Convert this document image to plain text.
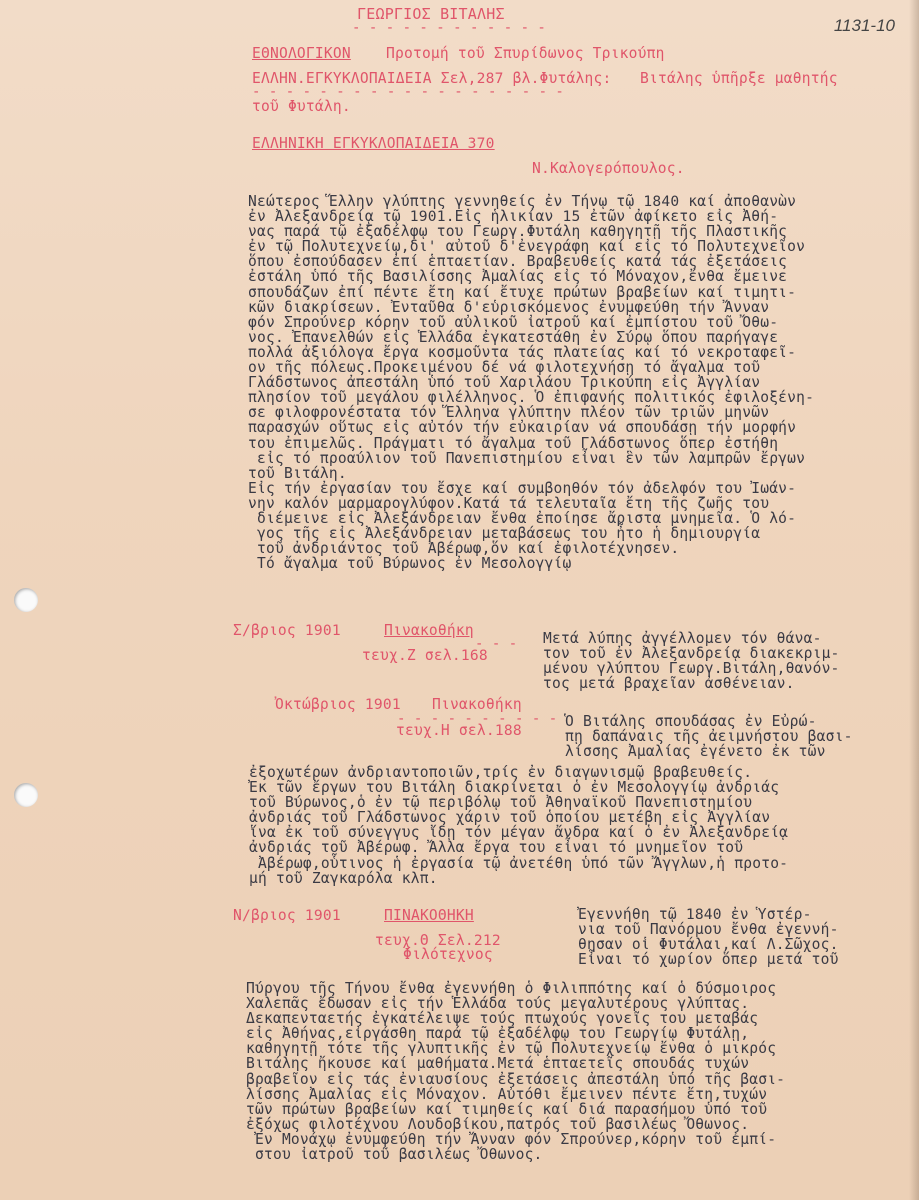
1131-10
ΓΕΩΡΓΙΟΣ ΒΙΤΑΛΗΣ
- - - - - - - - - - - -
ΕΘΝΟΛΟΓΙΚΟΝ Προτομή τοῦ Σπυρίδωνος Τρικούπη
ΕΛΛΗΝ.ΕΓΚΥΚΛΟΠΑΙΔΕΙΑ Σελ,287 βλ.Φυτάλης: Βιτάλης ὑπῆρξε μαθητής
- - - - - - - - - - - - - - - - - - -
τοῦ Φυτάλη.
ΕΛΛΗΝΙΚΗ ΕΓΚΥΚΛΟΠΑΙΔΕΙΑ 370
Ν.Καλογερόπουλος.
Νεώτερος Ἕλλην γλύπτης γεννηθείς ἐν Τήνῳ τῷ 1840 καί ἀποθανὼν
ἐν Ἀλεξανδρείᾳ τῷ 1901.Εἰς ἡλικίαν 15 ἐτῶν ἀφίκετο εἰς Ἀθή-
νας παρά τῷ ἐξαδέλφῳ του Γεωργ.Φυτάλη καθηγητῇ τῆς Πλαστικῆς
ἐν τῷ Πολυτεχνείῳ,δι' αὐτοῦ δ'ἐνεγράφη καί εἰς τό Πολυτεχνεῖον
ὅπου ἐσπούδασεν ἐπί ἑπταετίαν. Βραβευθείς κατά τάς ἐξετάσεις
ἐστάλη ὑπό τῆς Βασιλίσσης Ἀμαλίας εἰς τό Μόναχον,ἔνθα ἔμεινε
σπουδάζων ἐπί πέντε ἔτη καί ἔτυχε πρώτων βραβείων καί τιμητι-
κῶν διακρίσεων. Ἐνταῦθα δ'εὑρισκόμενος ἐνυμφεύθη τήν Ἄνναν
φόν Σπρούνερ κόρην τοῦ αὐλικοῦ ἰατροῦ καί ἐμπίστου τοῦ Ὄθω-
νος. Ἐπανελθών εἰς Ἑλλάδα ἐγκατεστάθη ἐν Σύρῳ ὅπου παρήγαγε
πολλά ἀξιόλογα ἔργα κοσμοῦντα τάς πλατείας καί τό νεκροταφεῖ-
ον τῆς πόλεως.Προκειμένου δέ νά φιλοτεχνήσῃ τό ἄγαλμα τοῦ
Γλάδστωνος ἀπεστάλη ὑπό τοῦ Χαριλάου Τρικούπη εἰς Ἀγγλίαν
πλησίον τοῦ μεγάλου φιλέλληνος. Ὁ ἐπιφανής πολιτικός ἐφιλοξένη-
σε φιλοφρονέστατα τόν Ἕλληνα γλύπτην πλέον τῶν τριῶν μηνῶν
παρασχών οὕτως εἰς αὐτόν τήν εὐκαιρίαν νά σπουδάσῃ τήν μορφήν
του ἐπιμελῶς. Πράγματι τό ἄγαλμα τοῦ Γλάδστωνος ὅπερ ἐστήθη
εἰς τό προαύλιον τοῦ Πανεπιστημίου εἶναι ἓν τῶν λαμπρῶν ἔργων
τοῦ Βιτάλη.
Εἰς τήν ἐργασίαν του ἔσχε καί συμβοηθόν τόν ἀδελφόν του Ἰωάν-
νην καλόν μαρμαρογλύφον.Κατά τά τελευταῖα ἔτη τῆς ζωῆς του
διέμεινε εἰς Ἀλεξάνδρειαν ἔνθα ἐποίησε ἄριστα μνημεῖα. Ὁ λό-
γος τῆς εἰς Ἀλεξάνδρειαν μεταβάσεως του ἦτο ἡ δημιουργία
τοῦ ἀνδριάντος τοῦ Ἀβέρωφ,ὅν καί ἐφιλοτέχνησεν.
Τό ἄγαλμα τοῦ Βύρωνος ἐν Μεσολογγίῳ
Σ/βριος 1901	Πινακοθήκη
- - -
τευχ.Ζ σελ.168
Μετά λύπης ἀγγέλλομεν τόν θάνα-
τον τοῦ ἐν Ἀλεξανδρείᾳ διακεκριμ-
μένου γλύπτου Γεωργ.Βιτάλη,θανόν-
τος μετά βραχεῖαν ἀσθένειαν.
Ὀκτώβριος 1901 Πινακοθήκη
- - - - - - - - - -
τευχ.Η σελ.188
Ὁ Βιτάλης σπουδάσας ἐν Εὐρώ-
πῃ δαπάναις τῆς ἀειμνήστου βασι-
λίσσης Ἀμαλίας ἐγένετο ἐκ τῶν
ἐξοχωτέρων ἀνδριαντοποιῶν,τρίς ἐν διαγωνισμῷ βραβευθείς.
Ἐκ τῶν ἔργων του Βιτάλη διακρίνεται ὁ ἐν Μεσολογγίῳ ἀνδριάς
τοῦ Βύρωνος,ὁ ἐν τῷ περιβόλῳ τοῦ Ἀθηναϊκοῦ Πανεπιστημίου
ἀνδριάς τοῦ Γλάδστωνος χάριν τοῦ ὁποίου μετέβη εἰς Ἀγγλίαν
ἵνα ἐκ τοῦ σύνεγγυς ἴδῃ τόν μέγαν ἄνδρα καί ὁ ἐν Ἀλεξανδρείᾳ
ἀνδριάς τοῦ Ἀβέρωφ. Ἄλλα ἔργα του εἶναι τό μνημεῖον τοῦ
Ἀβέρωφ,οὗτινος ἡ ἐργασία τῷ ἀνετέθη ὑπό τῶν Ἄγγλων,ἡ προτο-
μή τοῦ Ζαγκαρόλα κλπ.
Ν/βριος 1901	ΠΙΝΑΚΟΘΗΚΗ
τευχ.Θ Σελ.212
Φιλότεχνος
Ἐγεννήθη τῷ 1840 ἐν Ὑστέρ-
νια τοῦ Πανόρμου ἔνθα ἐγεννή-
θησαν οἱ Φυτάλαι,καί Λ.Σῶχος.
Εἶναι τό χωρίον ὅπερ μετά τοῦ
Πύργου τῆς Τήνου ἔνθα ἐγεννήθη ὁ Φιλιππότης καί ὁ δύσμοιρος
Χαλεπᾶς ἔδωσαν εἰς τήν Ἑλλάδα τούς μεγαλυτέρους γλύπτας.
Δεκαπενταετής ἐγκατέλειψε τούς πτωχούς γονεῖς του μεταβάς
εἰς Ἀθήνας,εἰργάσθη παρά τῷ ἐξαδέλφῳ του Γεωργίῳ Φυτάλῃ,
καθηγητῇ τότε τῆς γλυπτικῆς ἐν τῷ Πολυτεχνείῳ ἔνθα ὁ μικρός
Βιτάλης ἤκουσε καί μαθήματα.Μετά ἑπταετεῖς σπουδάς τυχών
βραβεῖον εἰς τάς ἐνιαυσίους ἐξετάσεις ἀπεστάλη ὑπό τῆς βασι-
λίσσης Ἀμαλίας εἰς Μόναχον. Αὐτόθι ἔμεινεν πέντε ἔτη,τυχών
τῶν πρώτων βραβείων καί τιμηθείς καί διά παρασήμου ὑπό τοῦ
ἐξόχως φιλοτέχνου Λουδοβίκου,πατρός τοῦ βασιλέως Ὄθωνος.
Ἐν Μονάχῳ ἐνυμφεύθη τήν Ἄνναν φόν Σπρούνερ,κόρην τοῦ ἐμπί-
στου ἰατροῦ τοῦ βασιλέως Ὄθωνος.
